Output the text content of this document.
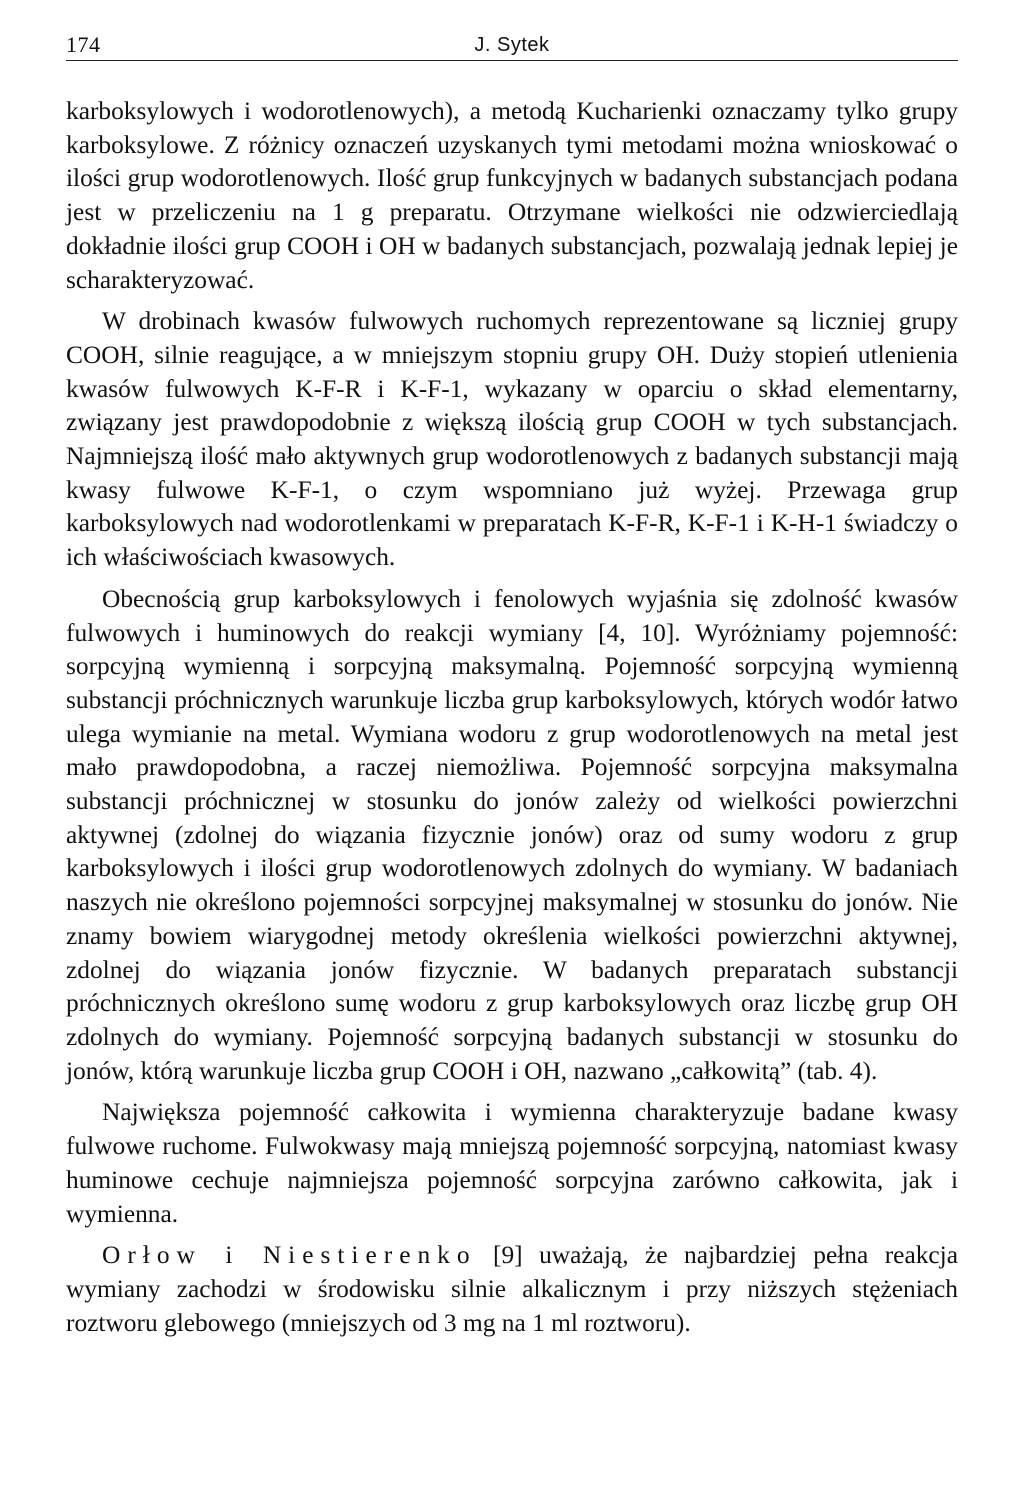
174	J. Sytek

karboksylowych i wodorotlenowych), a metodą Kucharienki oznaczamy tylko grupy karboksylowe. Z różnicy oznaczeń uzyskanych tymi metodami można wnioskować o ilości grup wodorotlenowych. Ilość grup funkcyjnych w badanych substancjach podana jest w przeliczeniu na 1 g preparatu. Otrzymane wielkości nie odzwierciedlają dokładnie ilości grup COOH i OH w badanych substancjach, pozwalają jednak lepiej je scharakteryzować.

W drobinach kwasów fulwowych ruchomych reprezentowane są liczniej grupy COOH, silnie reagujące, a w mniejszym stopniu grupy OH. Duży stopień utlenienia kwasów fulwowych K-F-R i K-F-1, wykazany w oparciu o skład elementarny, związany jest prawdopodobnie z większą ilością grup COOH w tych substancjach. Najmniejszą ilość mało aktywnych grup wodorotlenowych z badanych substancji mają kwasy fulwowe K-F-1, o czym wspomniano już wyżej. Przewaga grup karboksylowych nad wodorotlenkami w preparatach K-F-R, K-F-1 i K-H-1 świadczy o ich właściwościach kwasowych.

Obecnością grup karboksylowych i fenolowych wyjaśnia się zdolność kwasów fulwowych i huminowych do reakcji wymiany [4, 10]. Wyróżniamy pojemność: sorpcyjną wymienną i sorpcyjną maksymalną. Pojemność sorpcyjną wymienną substancji próchnicznych warunkuje liczba grup karboksylowych, których wodór łatwo ulega wymianie na metal. Wymiana wodoru z grup wodorotlenowych na metal jest mało prawdopodobna, a raczej niemożliwa. Pojemność sorpcyjna maksymalna substancji próchnicznej w stosunku do jonów zależy od wielkości powierzchni aktywnej (zdolnej do wiązania fizycznie jonów) oraz od sumy wodoru z grup karboksylowych i ilości grup wodorotlenowych zdolnych do wymiany. W badaniach naszych nie określono pojemności sorpcyjnej maksymalnej w stosunku do jonów. Nie znamy bowiem wiarygodnej metody określenia wielkości powierzchni aktywnej, zdolnej do wiązania jonów fizycznie. W badanych preparatach substancji próchnicznych określono sumę wodoru z grup karboksylowych oraz liczbę grup OH zdolnych do wymiany. Pojemność sorpcyjną badanych substancji w stosunku do jonów, którą warunkuje liczba grup COOH i OH, nazwano „całkowitą” (tab. 4).

Największa pojemność całkowita i wymienna charakteryzuje badane kwasy fulwowe ruchome. Fulwokwasy mają mniejszą pojemność sorpcyjną, natomiast kwasy huminowe cechuje najmniejsza pojemność sorpcyjna zarówno całkowita, jak i wymienna.

Orłow i Niestierenko [9] uważają, że najbardziej pełna reakcja wymiany zachodzi w środowisku silnie alkalicznym i przy niższych stężeniach roztworu glebowego (mniejszych od 3 mg na 1 ml roztworu).
